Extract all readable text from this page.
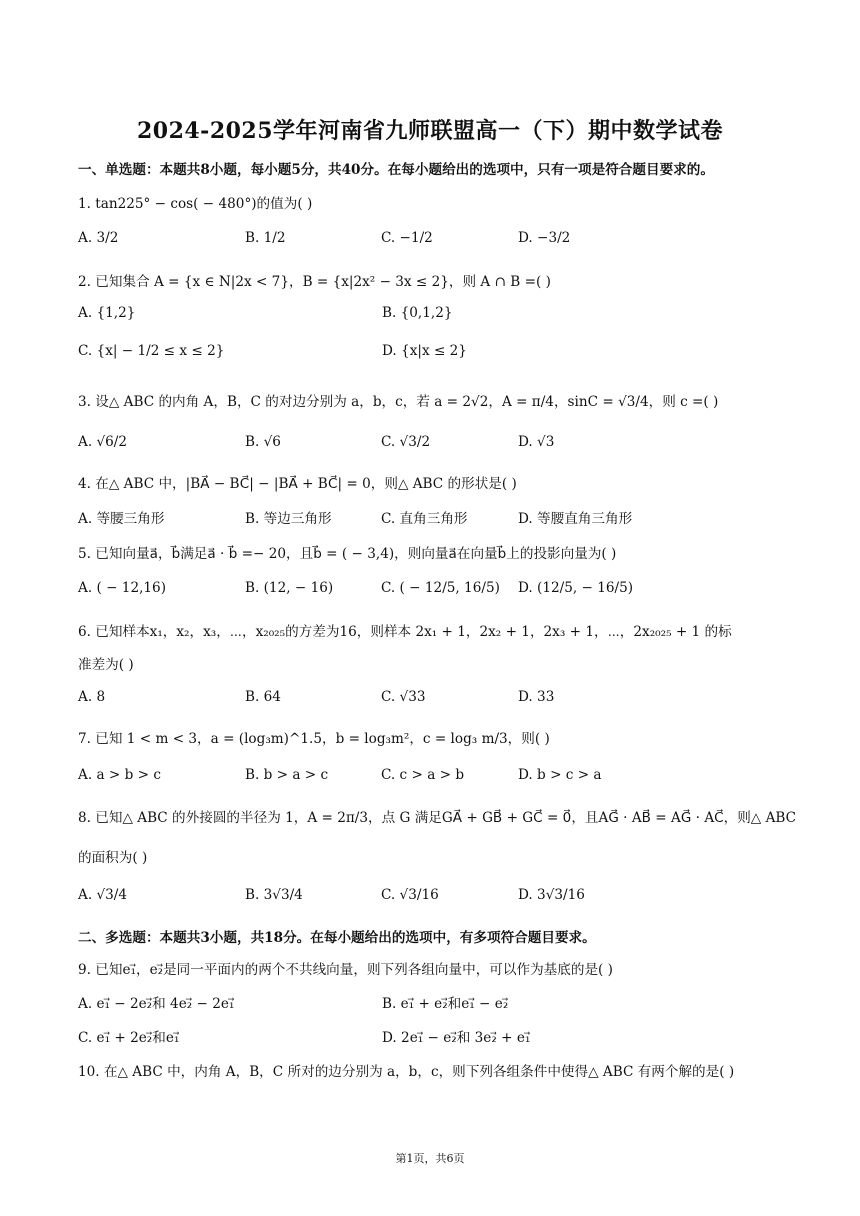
2024-2025学年河南省九师联盟高一（下）期中数学试卷
一、单选题：本题共8小题，每小题5分，共40分。在每小题给出的选项中，只有一项是符合题目要求的。
1. tan225° − cos( − 480°)的值为( )
A. 3/2	B. 1/2	C. −1/2	D. −3/2
2. 已知集合 A = {x ∈ N|2x < 7}，B = {x|2x² − 3x ≤ 2}，则 A ∩ B =( )
A. {1,2}	B. {0,1,2}
C. {x| − 1/2 ≤ x ≤ 2}	D. {x|x ≤ 2}
3. 设△ ABC 的内角 A，B，C 的对边分别为 a，b，c，若 a = 2√2，A = π/4，sinC = √3/4，则 c =( )
A. √6/2	B. √6	C. √3/2	D. √3
4. 在△ ABC 中，|BA⃗ − BC⃗| − |BA⃗ + BC⃗| = 0，则△ ABC 的形状是( )
A. 等腰三角形	B. 等边三角形	C. 直角三角形	D. 等腰直角三角形
5. 已知向量a⃗，b⃗满足a⃗ · b⃗ =− 20，且b⃗ = ( − 3,4)，则向量a⃗在向量b⃗上的投影向量为( )
A. ( − 12,16)	B. (12, − 16)	C. ( − 12/5, 16/5) D. (12/5, − 16/5)
6. 已知样本x₁，x₂，x₃，⋯，x₂₀₂₅的方差为16，则样本 2x₁ + 1，2x₂ + 1，2x₃ + 1，⋯，2x₂₀₂₅ + 1 的标
准差为( )
A. 8	B. 64	C. √33	D. 33
7. 已知 1 < m < 3，a = (log₃m)^1.5，b = log₃m²，c = log₃ m/3，则( )
A. a > b > c	B. b > a > c	C. c > a > b	D. b > c > a
8. 已知△ ABC 的外接圆的半径为 1，A = 2π/3，点 G 满足GA⃗ + GB⃗ + GC⃗ = 0⃗，且AG⃗ · AB⃗ = AG⃗ · AC⃗，则△ ABC
的面积为( )
A. √3/4	B. 3√3/4	C. √3/16	D. 3√3/16
二、多选题：本题共3小题，共18分。在每小题给出的选项中，有多项符合题目要求。
9. 已知e₁⃗，e₂⃗是同一平面内的两个不共线向量，则下列各组向量中，可以作为基底的是( )
A. e₁⃗ − 2e₂⃗和 4e₂⃗ − 2e₁⃗	B. e₁⃗ + e₂⃗和e₁⃗ − e₂⃗
C. e₁⃗ + 2e₂⃗和e₁⃗	D. 2e₁⃗ − e₂⃗和 3e₂⃗ + e₁⃗
10. 在△ ABC 中，内角 A，B，C 所对的边分别为 a，b，c，则下列各组条件中使得△ ABC 有两个解的是( )
第1页，共6页
